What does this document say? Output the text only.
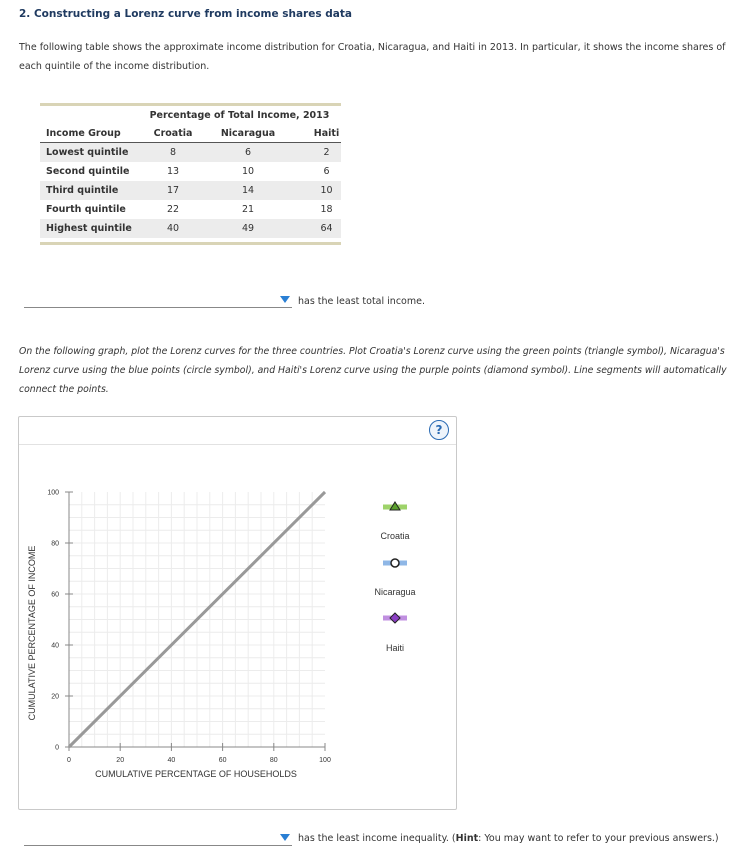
2. Constructing a Lorenz curve from income shares data
The following table shows the approximate income distribution for Croatia, Nicaragua, and Haiti in 2013. In particular, it shows the income shares of each quintile of the income distribution.
	Percentage of Total Income, 2013		
Income Group	Croatia	Nicaragua	Haiti
Lowest quintile	8	6	2
Second quintile	13	10	6
Third quintile	17	14	10
Fourth quintile	22	21	18
Highest quintile	40	49	64
has the least total income.
On the following graph, plot the Lorenz curves for the three countries. Plot Croatia's Lorenz curve using the green points (triangle symbol), Nicaragua's Lorenz curve using the blue points (circle symbol), and Haiti's Lorenz curve using the purple points (diamond symbol). Line segments will automatically connect the points.
?
0	20	40	60	80	100
0
20
40
60
80
100
CUMULATIVE PERCENTAGE OF HOUSEHOLDS
CUMULATIVE PERCENTAGE OF INCOME
Croatia
Nicaragua
Haiti
has the least income inequality. (Hint: You may want to refer to your previous answers.)
